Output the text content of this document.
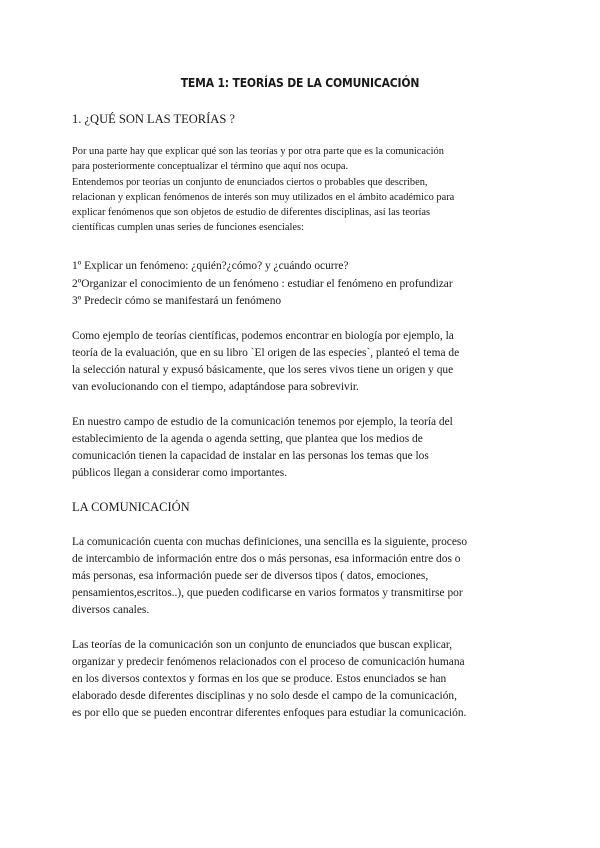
TEMA 1: TEORÍAS DE LA COMUNICACIÓN
1. ¿QUÉ SON LAS TEORÍAS ?

Por una parte hay que explicar qué son las teorías y por otra parte que es la comunicación
para posteriormente conceptualizar el término que aquí nos ocupa.
Entendemos por teorías un conjunto de enunciados ciertos o probables que describen,
relacionan y explican fenómenos de interés son muy utilizados en el ámbito académico para
explicar fenómenos que son objetos de estudio de diferentes disciplinas, así las teorías
científicas cumplen unas series de funciones esenciales:

1º Explicar un fenómeno: ¿quién?¿cómo? y ¿cuándo ocurre?
2ºOrganizar el conocimiento de un fenómeno : estudiar el fenómeno en profundizar
3º Predecir cómo se manifestará un fenómeno

Como ejemplo de teorías científicas, podemos encontrar en biología por ejemplo, la
teoría de la evaluación, que en su libro `El origen de las especies`, planteó el tema de
la selección natural y expusó básicamente, que los seres vivos tiene un origen y que
van evolucionando con el tiempo, adaptándose para sobrevivir.

En nuestro campo de estudio de la comunicación tenemos por ejemplo, la teoría del
establecimiento de la agenda o agenda setting, que plantea que los medios de
comunicación tienen la capacidad de instalar en las personas los temas que los
públicos llegan a considerar como importantes.

LA COMUNICACIÓN

La comunicación cuenta con muchas definiciones, una sencilla es la siguiente, proceso
de intercambio de información entre dos o más personas, esa información entre dos o
más personas, esa información puede ser de diversos tipos ( datos, emociones,
pensamientos,escritos..), que pueden codificarse en varios formatos y transmitirse por
diversos canales.

Las teorías de la comunicación son un conjunto de enunciados que buscan explicar,
organizar y predecir fenómenos relacionados con el proceso de comunicación humana
en los diversos contextos y formas en los que se produce. Estos enunciados se han
elaborado desde diferentes disciplinas y no solo desde el campo de la comunicación,
es por ello que se pueden encontrar diferentes enfoques para estudiar la comunicación.
